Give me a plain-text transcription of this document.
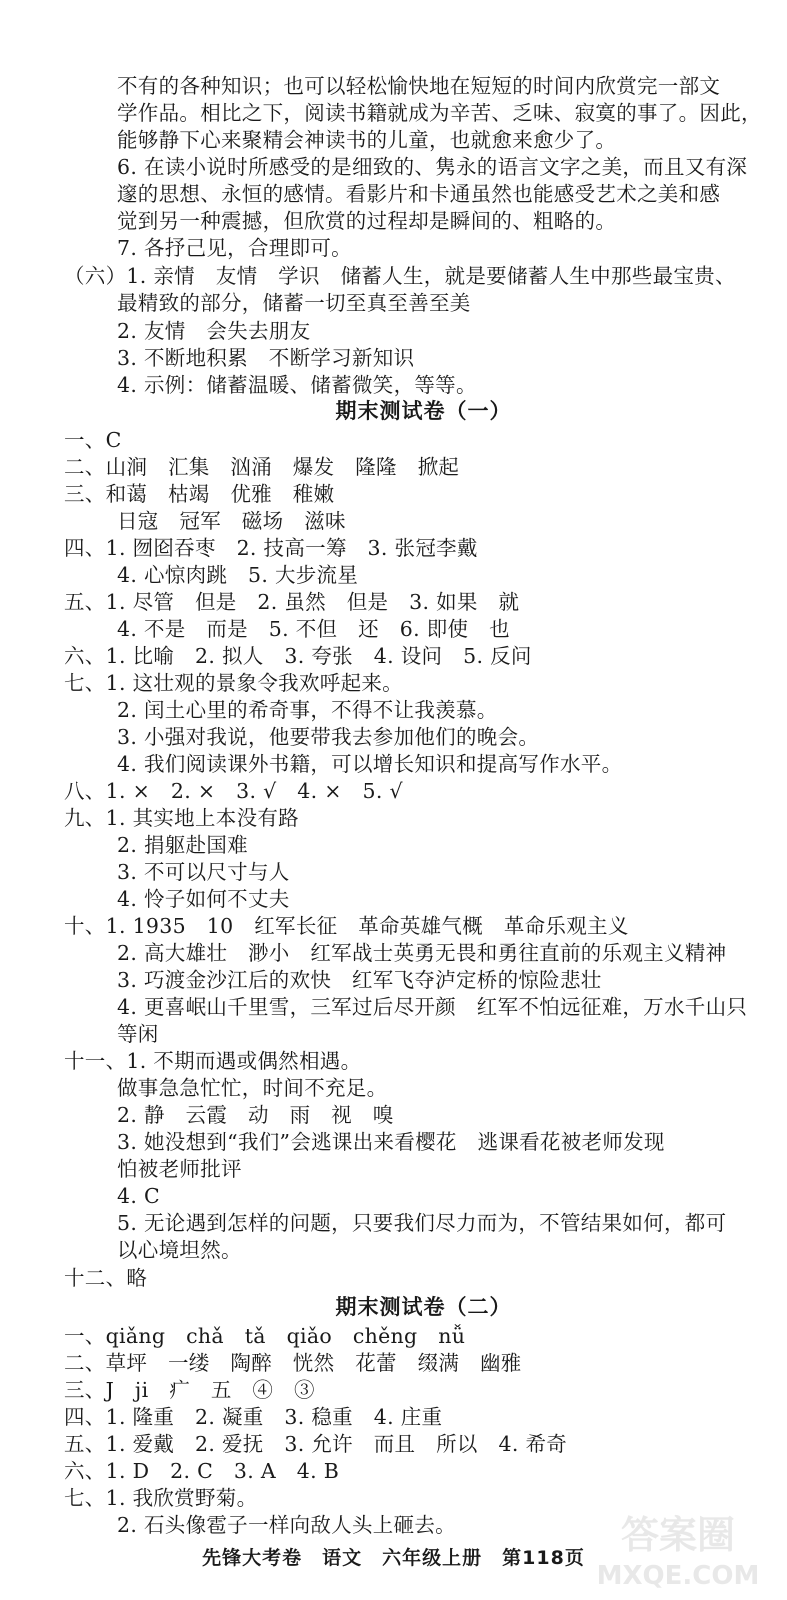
不有的各种知识；也可以轻松愉快地在短短的时间内欣赏完一部文
学作品。相比之下，阅读书籍就成为辛苦、乏味、寂寞的事了。因此，
能够静下心来聚精会神读书的儿童，也就愈来愈少了。
6. 在读小说时所感受的是细致的、隽永的语言文字之美，而且又有深
邃的思想、永恒的感情。看影片和卡通虽然也能感受艺术之美和感
觉到另一种震撼，但欣赏的过程却是瞬间的、粗略的。
7. 各抒己见，合理即可。
（六）1. 亲情　友情　学识　储蓄人生，就是要储蓄人生中那些最宝贵、
最精致的部分，储蓄一切至真至善至美
2. 友情　会失去朋友
3. 不断地积累　不断学习新知识
4. 示例：储蓄温暖、储蓄微笑，等等。
期末测试卷（一）
一、C
二、山涧　汇集　汹涌　爆发　隆隆　掀起
三、和蔼　枯竭　优雅　稚嫩
日寇　冠军　磁场　滋味
四、1. 囫囵吞枣　2. 技高一筹　3. 张冠李戴
4. 心惊肉跳　5. 大步流星
五、1. 尽管　但是　2. 虽然　但是　3. 如果　就
4. 不是　而是　5. 不但　还　6. 即使　也
六、1. 比喻　2. 拟人　3. 夸张　4. 设问　5. 反问
七、1. 这壮观的景象令我欢呼起来。
2. 闰土心里的希奇事，不得不让我羡慕。
3. 小强对我说，他要带我去参加他们的晚会。
4. 我们阅读课外书籍，可以增长知识和提高写作水平。
八、1. ×　2. ×　3. √　4. ×　5. √
九、1. 其实地上本没有路
2. 捐躯赴国难
3. 不可以尺寸与人
4. 怜子如何不丈夫
十、1. 1935　10　红军长征　革命英雄气概　革命乐观主义
2. 高大雄壮　渺小　红军战士英勇无畏和勇往直前的乐观主义精神
3. 巧渡金沙江后的欢快　红军飞夺泸定桥的惊险悲壮
4. 更喜岷山千里雪，三军过后尽开颜　红军不怕远征难，万水千山只
等闲
十一、1. 不期而遇或偶然相遇。
做事急急忙忙，时间不充足。
2. 静　云霞　动　雨　视　嗅
3. 她没想到“我们”会逃课出来看樱花　逃课看花被老师发现
怕被老师批评
4. C
5. 无论遇到怎样的问题，只要我们尽力而为，不管结果如何，都可
以心境坦然。
十二、略
期末测试卷（二）
一、qiǎng　chǎ　tǎ　qiǎo　chěng　nǚ
二、草坪　一缕　陶醉　恍然　花蕾　缀满　幽雅
三、J　ji　疒　五　④　③
四、1. 隆重　2. 凝重　3. 稳重　4. 庄重
五、1. 爱戴　2. 爱抚　3. 允许　而且　所以　4. 希奇
六、1. D　2. C　3. A　4. B
七、1. 我欣赏野菊。
2. 石头像雹子一样向敌人头上砸去。
先锋大考卷　语文　六年级上册　第118页
答案圈
MXQE.COM
